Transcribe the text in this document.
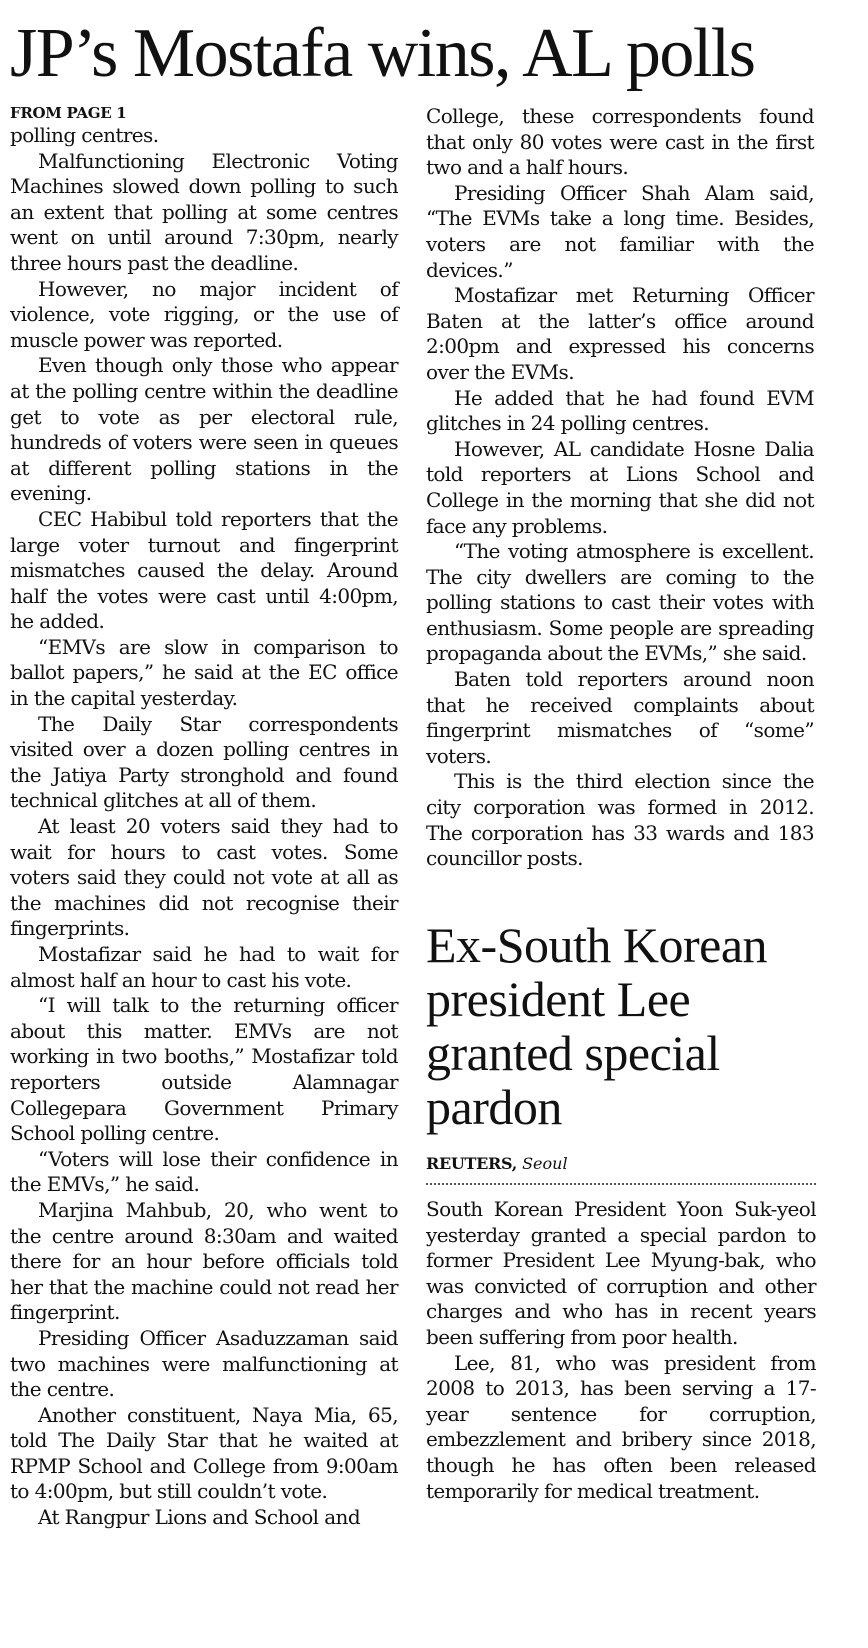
JP’s Mostafa wins, AL polls
FROM PAGE 1

polling centres.

Malfunctioning Electronic Voting Machines slowed down polling to such an extent that polling at some centres went on until around 7:30pm, nearly three hours past the deadline.

However, no major incident of violence, vote rigging, or the use of muscle power was reported.

Even though only those who appear at the polling centre within the deadline get to vote as per electoral rule, hundreds of voters were seen in queues at different polling stations in the evening.

CEC Habibul told reporters that the large voter turnout and fingerprint mismatches caused the delay. Around half the votes were cast until 4:00pm, he added.

“EMVs are slow in comparison to ballot papers,” he said at the EC office in the capital yesterday.

The Daily Star correspondents visited over a dozen polling centres in the Jatiya Party stronghold and found technical glitches at all of them.

At least 20 voters said they had to wait for hours to cast votes. Some voters said they could not vote at all as the machines did not recognise their fingerprints.

Mostafizar said he had to wait for almost half an hour to cast his vote.

“I will talk to the returning officer about this matter. EMVs are not working in two booths,” Mostafizar told reporters outside Alamnagar Collegepara Government Primary School polling centre.

“Voters will lose their confidence in the EMVs,” he said.

Marjina Mahbub, 20, who went to the centre around 8:30am and waited there for an hour before officials told her that the machine could not read her fingerprint.

Presiding Officer Asaduzzaman said two machines were malfunctioning at the centre.

Another constituent, Naya Mia, 65, told The Daily Star that he waited at RPMP School and College from 9:00am to 4:00pm, but still couldn’t vote.

At Rangpur Lions and School and

College, these correspondents found that only 80 votes were cast in the first two and a half hours.

Presiding Officer Shah Alam said, “The EVMs take a long time. Besides, voters are not familiar with the devices.”

Mostafizar met Returning Officer Baten at the latter’s office around 2:00pm and expressed his concerns over the EVMs.

He added that he had found EVM glitches in 24 polling centres.

However, AL candidate Hosne Dalia told reporters at Lions School and College in the morning that she did not face any problems.

“The voting atmosphere is excellent. The city dwellers are coming to the polling stations to cast their votes with enthusiasm. Some people are spreading propaganda about the EVMs,” she said.

Baten told reporters around noon that he received complaints about fingerprint mismatches of “some” voters.

This is the third election since the city corporation was formed in 2012. The corporation has 33 wards and 183 councillor posts.

Ex-South Korean president Lee granted special pardon
REUTERS, Seoul

South Korean President Yoon Suk-yeol yesterday granted a special pardon to former President Lee Myung-bak, who was convicted of corruption and other charges and who has in recent years been suffering from poor health.

Lee, 81, who was president from 2008 to 2013, has been serving a 17-year sentence for corruption, embezzlement and bribery since 2018, though he has often been released temporarily for medical treatment.
